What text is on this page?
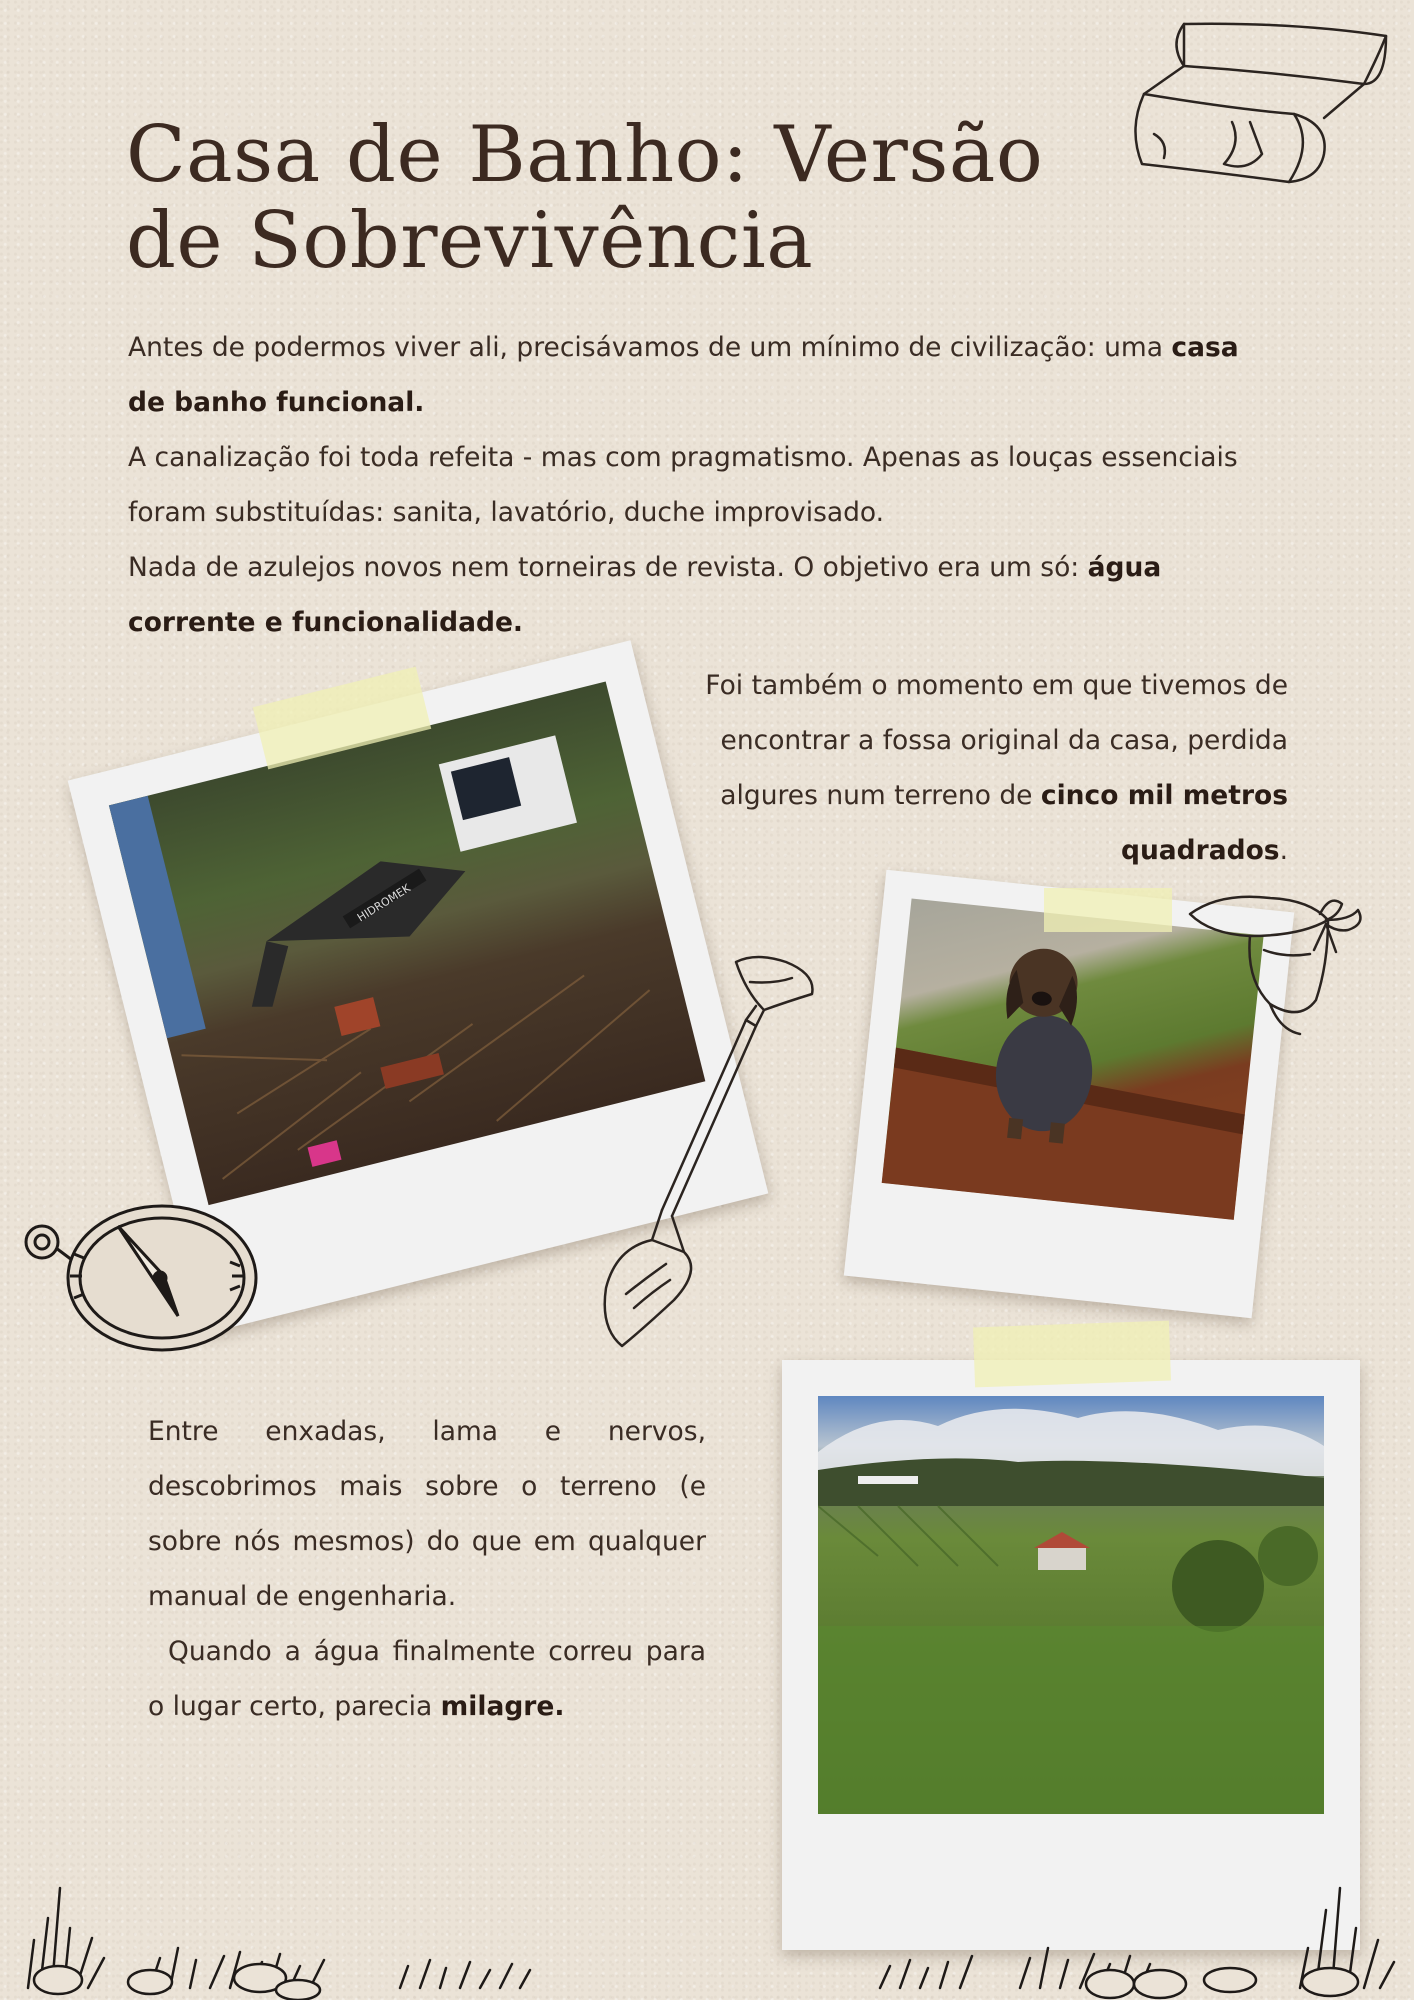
Casa de Banho: Versão de Sobrevivência

Antes de podermos viver ali, precisávamos de um mínimo de civilização: uma casa de banho funcional.
A canalização foi toda refeita - mas com pragmatismo. Apenas as louças essenciais foram substituídas: sanita, lavatório, duche improvisado.
Nada de azulejos novos nem torneiras de revista. O objetivo era um só: água corrente e funcionalidade.

HIDROMEK

Foi também o momento em que tivemos de encontrar a fossa original da casa, perdida algures num terreno de cinco mil metros quadrados.

Entre enxadas, lama e nervos, descobrimos mais sobre o terreno (e sobre nós mesmos) do que em qualquer manual de engenharia.
Quando a água finalmente correu para o lugar certo, parecia milagre.
